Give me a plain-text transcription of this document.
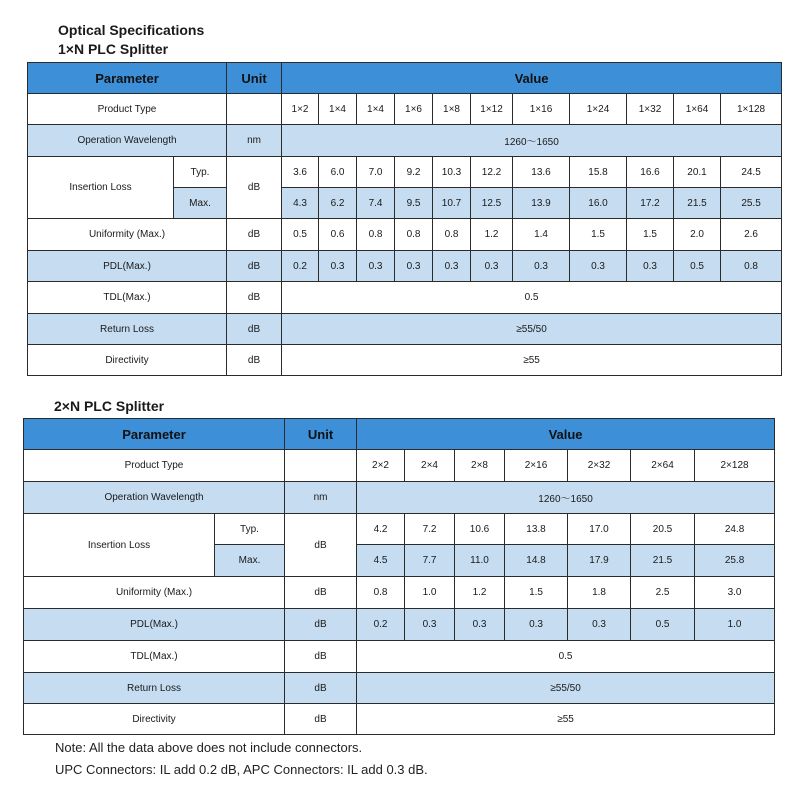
Optical Specifications
1×N PLC Splitter
Parameter		Unit	Value										
Product Type			1×2	1×4	1×4	1×6	1×8	1×12	1×16	1×24	1×32	1×64	1×128
Operation Wavelength		nm	1260～1650										
Insertion Loss	Typ.	dB	3.6	6.0	7.0	9.2	10.3	12.2	13.6	15.8	16.6	20.1	24.5
	Max.		4.3	6.2	7.4	9.5	10.7	12.5	13.9	16.0	17.2	21.5	25.5
Uniformity (Max.)		dB	0.5	0.6	0.8	0.8	0.8	1.2	1.4	1.5	1.5	2.0	2.6
PDL(Max.)		dB	0.2	0.3	0.3	0.3	0.3	0.3	0.3	0.3	0.3	0.5	0.8
TDL(Max.)		dB	0.5										
Return Loss		dB	≥55/50										
Directivity		dB	≥55										
2×N PLC Splitter
Parameter		Unit	Value						
Product Type			2×2	2×4	2×8	2×16	2×32	2×64	2×128
Operation Wavelength		nm	1260～1650						
Insertion Loss	Typ.	dB	4.2	7.2	10.6	13.8	17.0	20.5	24.8
	Max.		4.5	7.7	11.0	14.8	17.9	21.5	25.8
Uniformity (Max.)		dB	0.8	1.0	1.2	1.5	1.8	2.5	3.0
PDL(Max.)		dB	0.2	0.3	0.3	0.3	0.3	0.5	1.0
TDL(Max.)		dB	0.5						
Return Loss		dB	≥55/50						
Directivity		dB	≥55						
Note: All the data above does not include connectors.
UPC Connectors: IL add 0.2 dB, APC Connectors: IL add 0.3 dB.
